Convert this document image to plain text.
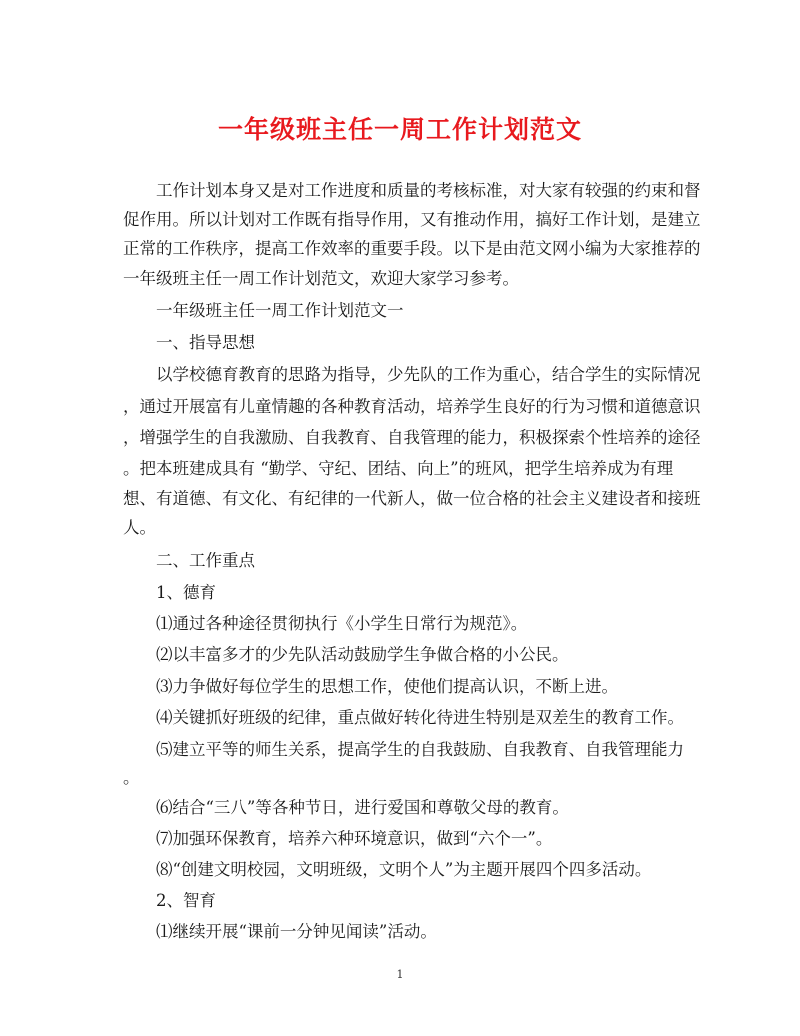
一年级班主任一周工作计划范文
工作计划本身又是对工作进度和质量的考核标准，对大家有较强的约束和督
促作用。所以计划对工作既有指导作用，又有推动作用，搞好工作计划，是建立
正常的工作秩序，提高工作效率的重要手段。以下是由范文网小编为大家推荐的
一年级班主任一周工作计划范文，欢迎大家学习参考。
一年级班主任一周工作计划范文一
一、指导思想
以学校德育教育的思路为指导，少先队的工作为重心，结合学生的实际情况
，通过开展富有儿童情趣的各种教育活动，培养学生良好的行为习惯和道德意识
，增强学生的自我激励、自我教育、自我管理的能力，积极探索个性培养的途径
。把本班建成具有 “勤学、守纪、团结、向上”的班风，把学生培养成为有理
想、有道德、有文化、有纪律的一代新人，做一位合格的社会主义建设者和接班
人。
二、工作重点
1、德育
⑴通过各种途径贯彻执行《小学生日常行为规范》。
⑵以丰富多才的少先队活动鼓励学生争做合格的小公民。
⑶力争做好每位学生的思想工作，使他们提高认识，不断上进。
⑷关键抓好班级的纪律，重点做好转化待进生特别是双差生的教育工作。
⑸建立平等的师生关系，提高学生的自我鼓励、自我教育、自我管理能力
。
⑹结合“三八”等各种节日，进行爱国和尊敬父母的教育。
⑺加强环保教育，培养六种环境意识，做到“六个一”。
⑻“创建文明校园，文明班级，文明个人”为主题开展四个四多活动。
2、智育
⑴继续开展“课前一分钟见闻读”活动。
1
